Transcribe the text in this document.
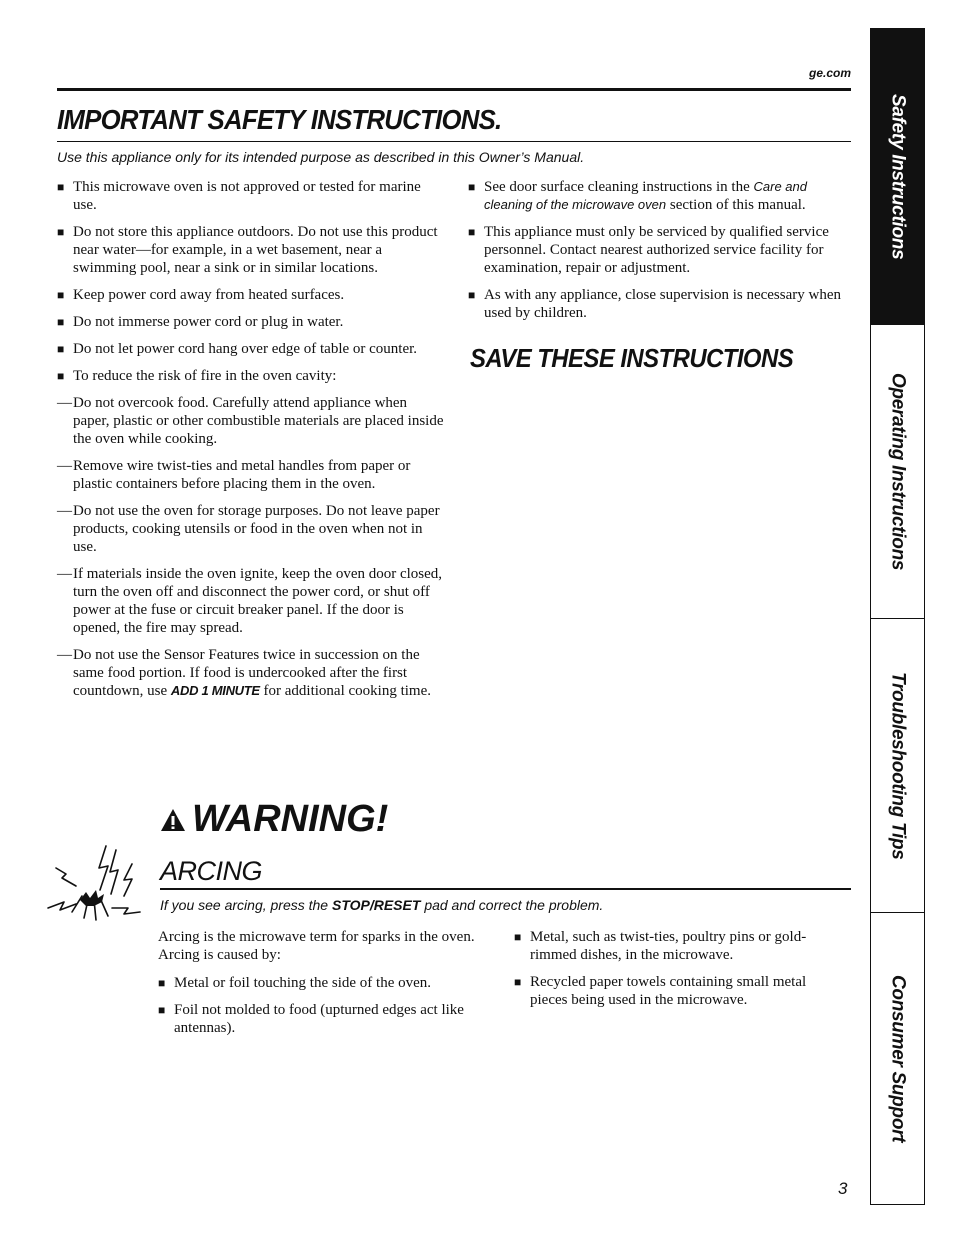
ge.com
IMPORTANT SAFETY INSTRUCTIONS.
Use this appliance only for its intended purpose as described in this Owner’s Manual.
■ This microwave oven is not approved or tested for marine use.
■ Do not store this appliance outdoors. Do not use this product near water—for example, in a wet basement, near a swimming pool, near a sink or in similar locations.
■ Keep power cord away from heated surfaces.
■ Do not immerse power cord or plug in water.
■ Do not let power cord hang over edge of table or counter.
■ To reduce the risk of fire in the oven cavity:
— Do not overcook food. Carefully attend appliance when paper, plastic or other combustible materials are placed inside the oven while cooking.
— Remove wire twist-ties and metal handles from paper or plastic containers before placing them in the oven.
— Do not use the oven for storage purposes. Do not leave paper products, cooking utensils or food in the oven when not in use.
— If materials inside the oven ignite, keep the oven door closed, turn the oven off and disconnect the power cord, or shut off power at the fuse or circuit breaker panel. If the door is opened, the fire may spread.
— Do not use the Sensor Features twice in succession on the same food portion. If food is undercooked after the first countdown, use ADD 1 MINUTE for additional cooking time.
■ See door surface cleaning instructions in the Care and cleaning of the microwave oven section of this manual.
■ This appliance must only be serviced by qualified service personnel. Contact nearest authorized service facility for examination, repair or adjustment.
■ As with any appliance, close supervision is necessary when used by children.
SAVE THESE INSTRUCTIONS
WARNING!
ARCING
If you see arcing, press the STOP/RESET pad and correct the problem.
Arcing is the microwave term for sparks in the oven. Arcing is caused by:
■ Metal or foil touching the side of the oven.
■ Foil not molded to food (upturned edges act like antennas).
■ Metal, such as twist-ties, poultry pins or gold-rimmed dishes, in the microwave.
■ Recycled paper towels containing small metal pieces being used in the microwave.
3
Safety Instructions
Operating Instructions
Troubleshooting Tips
Consumer Support
